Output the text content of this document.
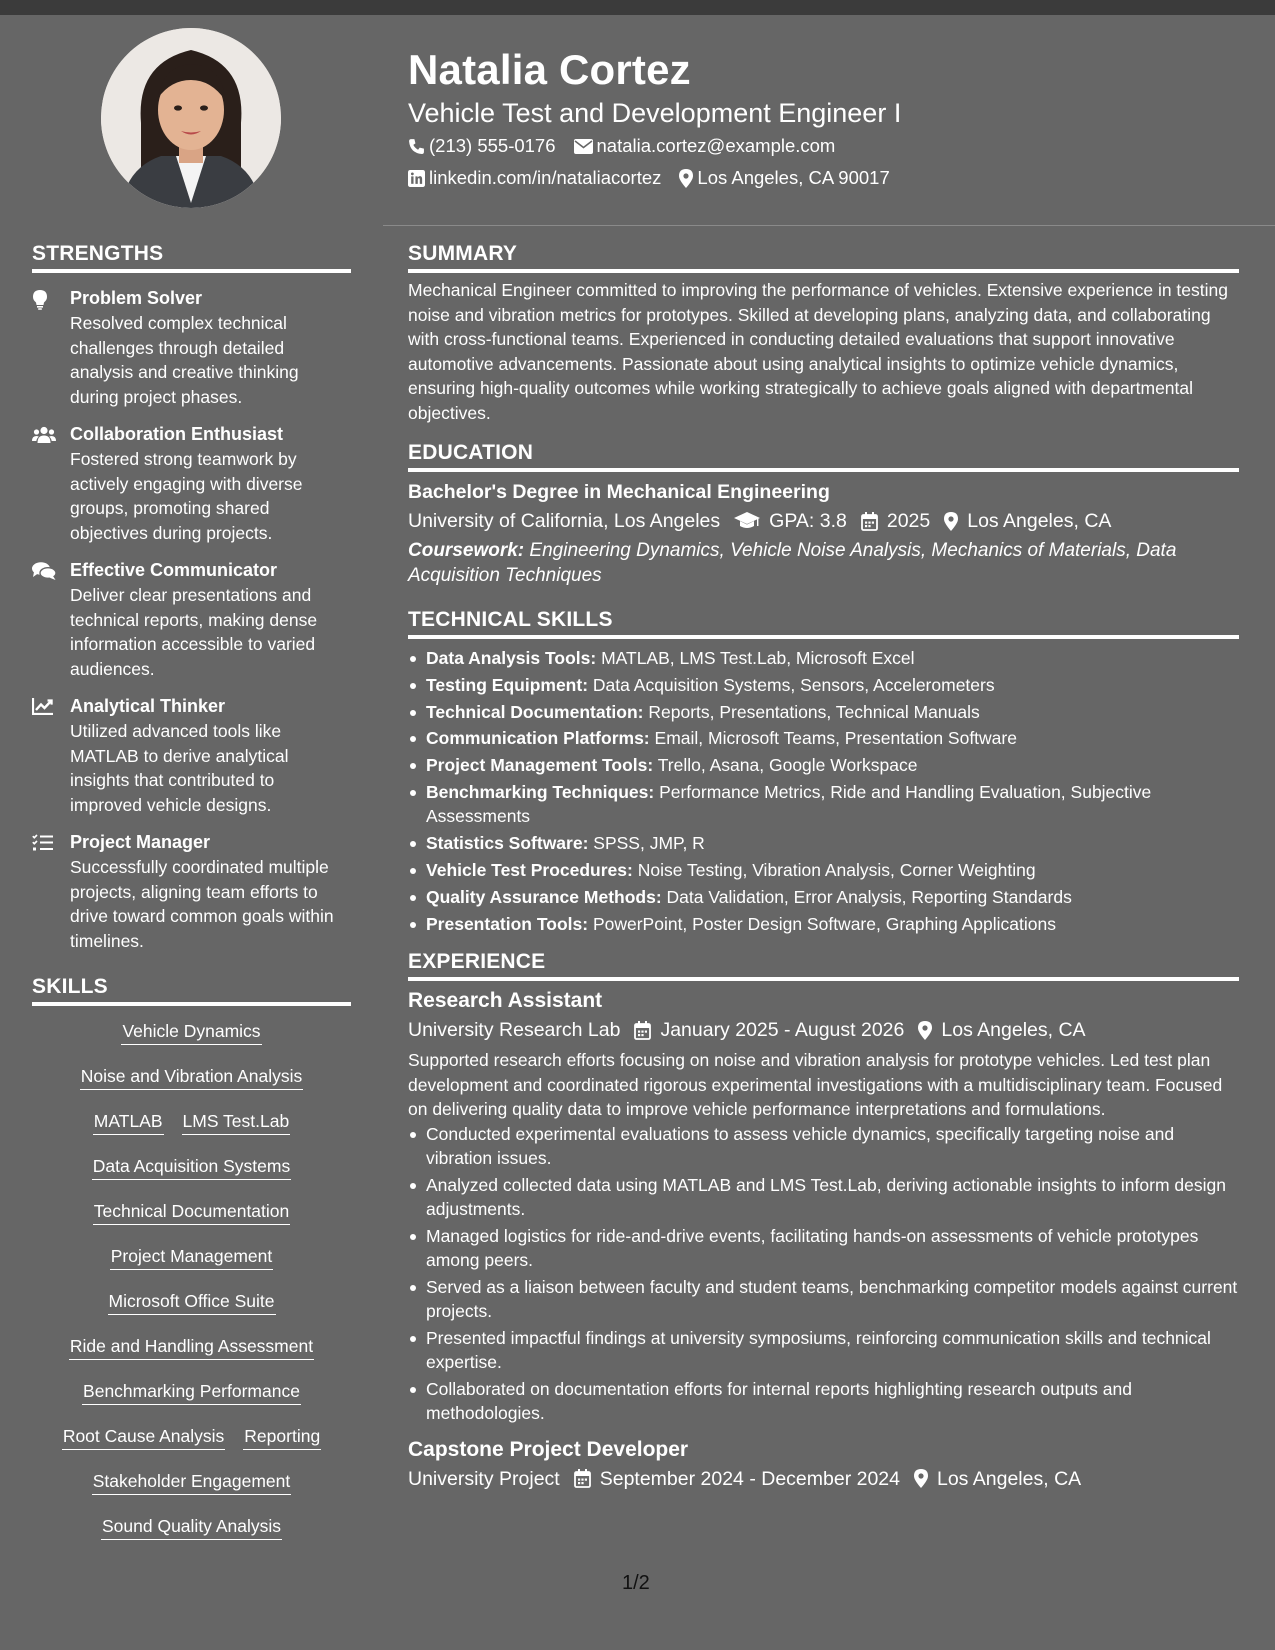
Natalia Cortez
Vehicle Test and Development Engineer I
(213) 555-0176 natalia.cortez@example.com
linkedin.com/in/nataliacortez Los Angeles, CA 90017
STRENGTHS
Problem Solver
Resolved complex technical challenges through detailed analysis and creative thinking during project phases.
Collaboration Enthusiast
Fostered strong teamwork by actively engaging with diverse groups, promoting shared objectives during projects.
Effective Communicator
Deliver clear presentations and technical reports, making dense information accessible to varied audiences.
Analytical Thinker
Utilized advanced tools like MATLAB to derive analytical insights that contributed to improved vehicle designs.
Project Manager
Successfully coordinated multiple projects, aligning team efforts to drive toward common goals within timelines.
SKILLS
Vehicle Dynamics
Noise and Vibration Analysis
MATLAB LMS Test.Lab
Data Acquisition Systems
Technical Documentation
Project Management
Microsoft Office Suite
Ride and Handling Assessment
Benchmarking Performance
Root Cause Analysis Reporting
Stakeholder Engagement
Sound Quality Analysis
SUMMARY
Mechanical Engineer committed to improving the performance of vehicles. Extensive experience in testing noise and vibration metrics for prototypes. Skilled at developing plans, analyzing data, and collaborating with cross-functional teams. Experienced in conducting detailed evaluations that support innovative automotive advancements. Passionate about using analytical insights to optimize vehicle dynamics, ensuring high-quality outcomes while working strategically to achieve goals aligned with departmental objectives.
EDUCATION
Bachelor's Degree in Mechanical Engineering
University of California, Los Angeles	GPA: 3.8 2025 Los Angeles, CA
Coursework: Engineering Dynamics, Vehicle Noise Analysis, Mechanics of Materials, Data Acquisition Techniques
TECHNICAL SKILLS
Data Analysis Tools: MATLAB, LMS Test.Lab, Microsoft Excel
Testing Equipment: Data Acquisition Systems, Sensors, Accelerometers
Technical Documentation: Reports, Presentations, Technical Manuals
Communication Platforms: Email, Microsoft Teams, Presentation Software
Project Management Tools: Trello, Asana, Google Workspace
Benchmarking Techniques: Performance Metrics, Ride and Handling Evaluation, Subjective Assessments
Statistics Software: SPSS, JMP, R
Vehicle Test Procedures: Noise Testing, Vibration Analysis, Corner Weighting
Quality Assurance Methods: Data Validation, Error Analysis, Reporting Standards
Presentation Tools: PowerPoint, Poster Design Software, Graphing Applications
EXPERIENCE
Research Assistant
University Research Lab January 2025 - August 2026 Los Angeles, CA
Supported research efforts focusing on noise and vibration analysis for prototype vehicles. Led test plan development and coordinated rigorous experimental investigations with a multidisciplinary team. Focused on delivering quality data to improve vehicle performance interpretations and formulations.
Conducted experimental evaluations to assess vehicle dynamics, specifically targeting noise and vibration issues.
Analyzed collected data using MATLAB and LMS Test.Lab, deriving actionable insights to inform design adjustments.
Managed logistics for ride-and-drive events, facilitating hands-on assessments of vehicle prototypes among peers.
Served as a liaison between faculty and student teams, benchmarking competitor models against current projects.
Presented impactful findings at university symposiums, reinforcing communication skills and technical expertise.
Collaborated on documentation efforts for internal reports highlighting research outputs and methodologies.
Capstone Project Developer
University Project September 2024 - December 2024 Los Angeles, CA
1/2
